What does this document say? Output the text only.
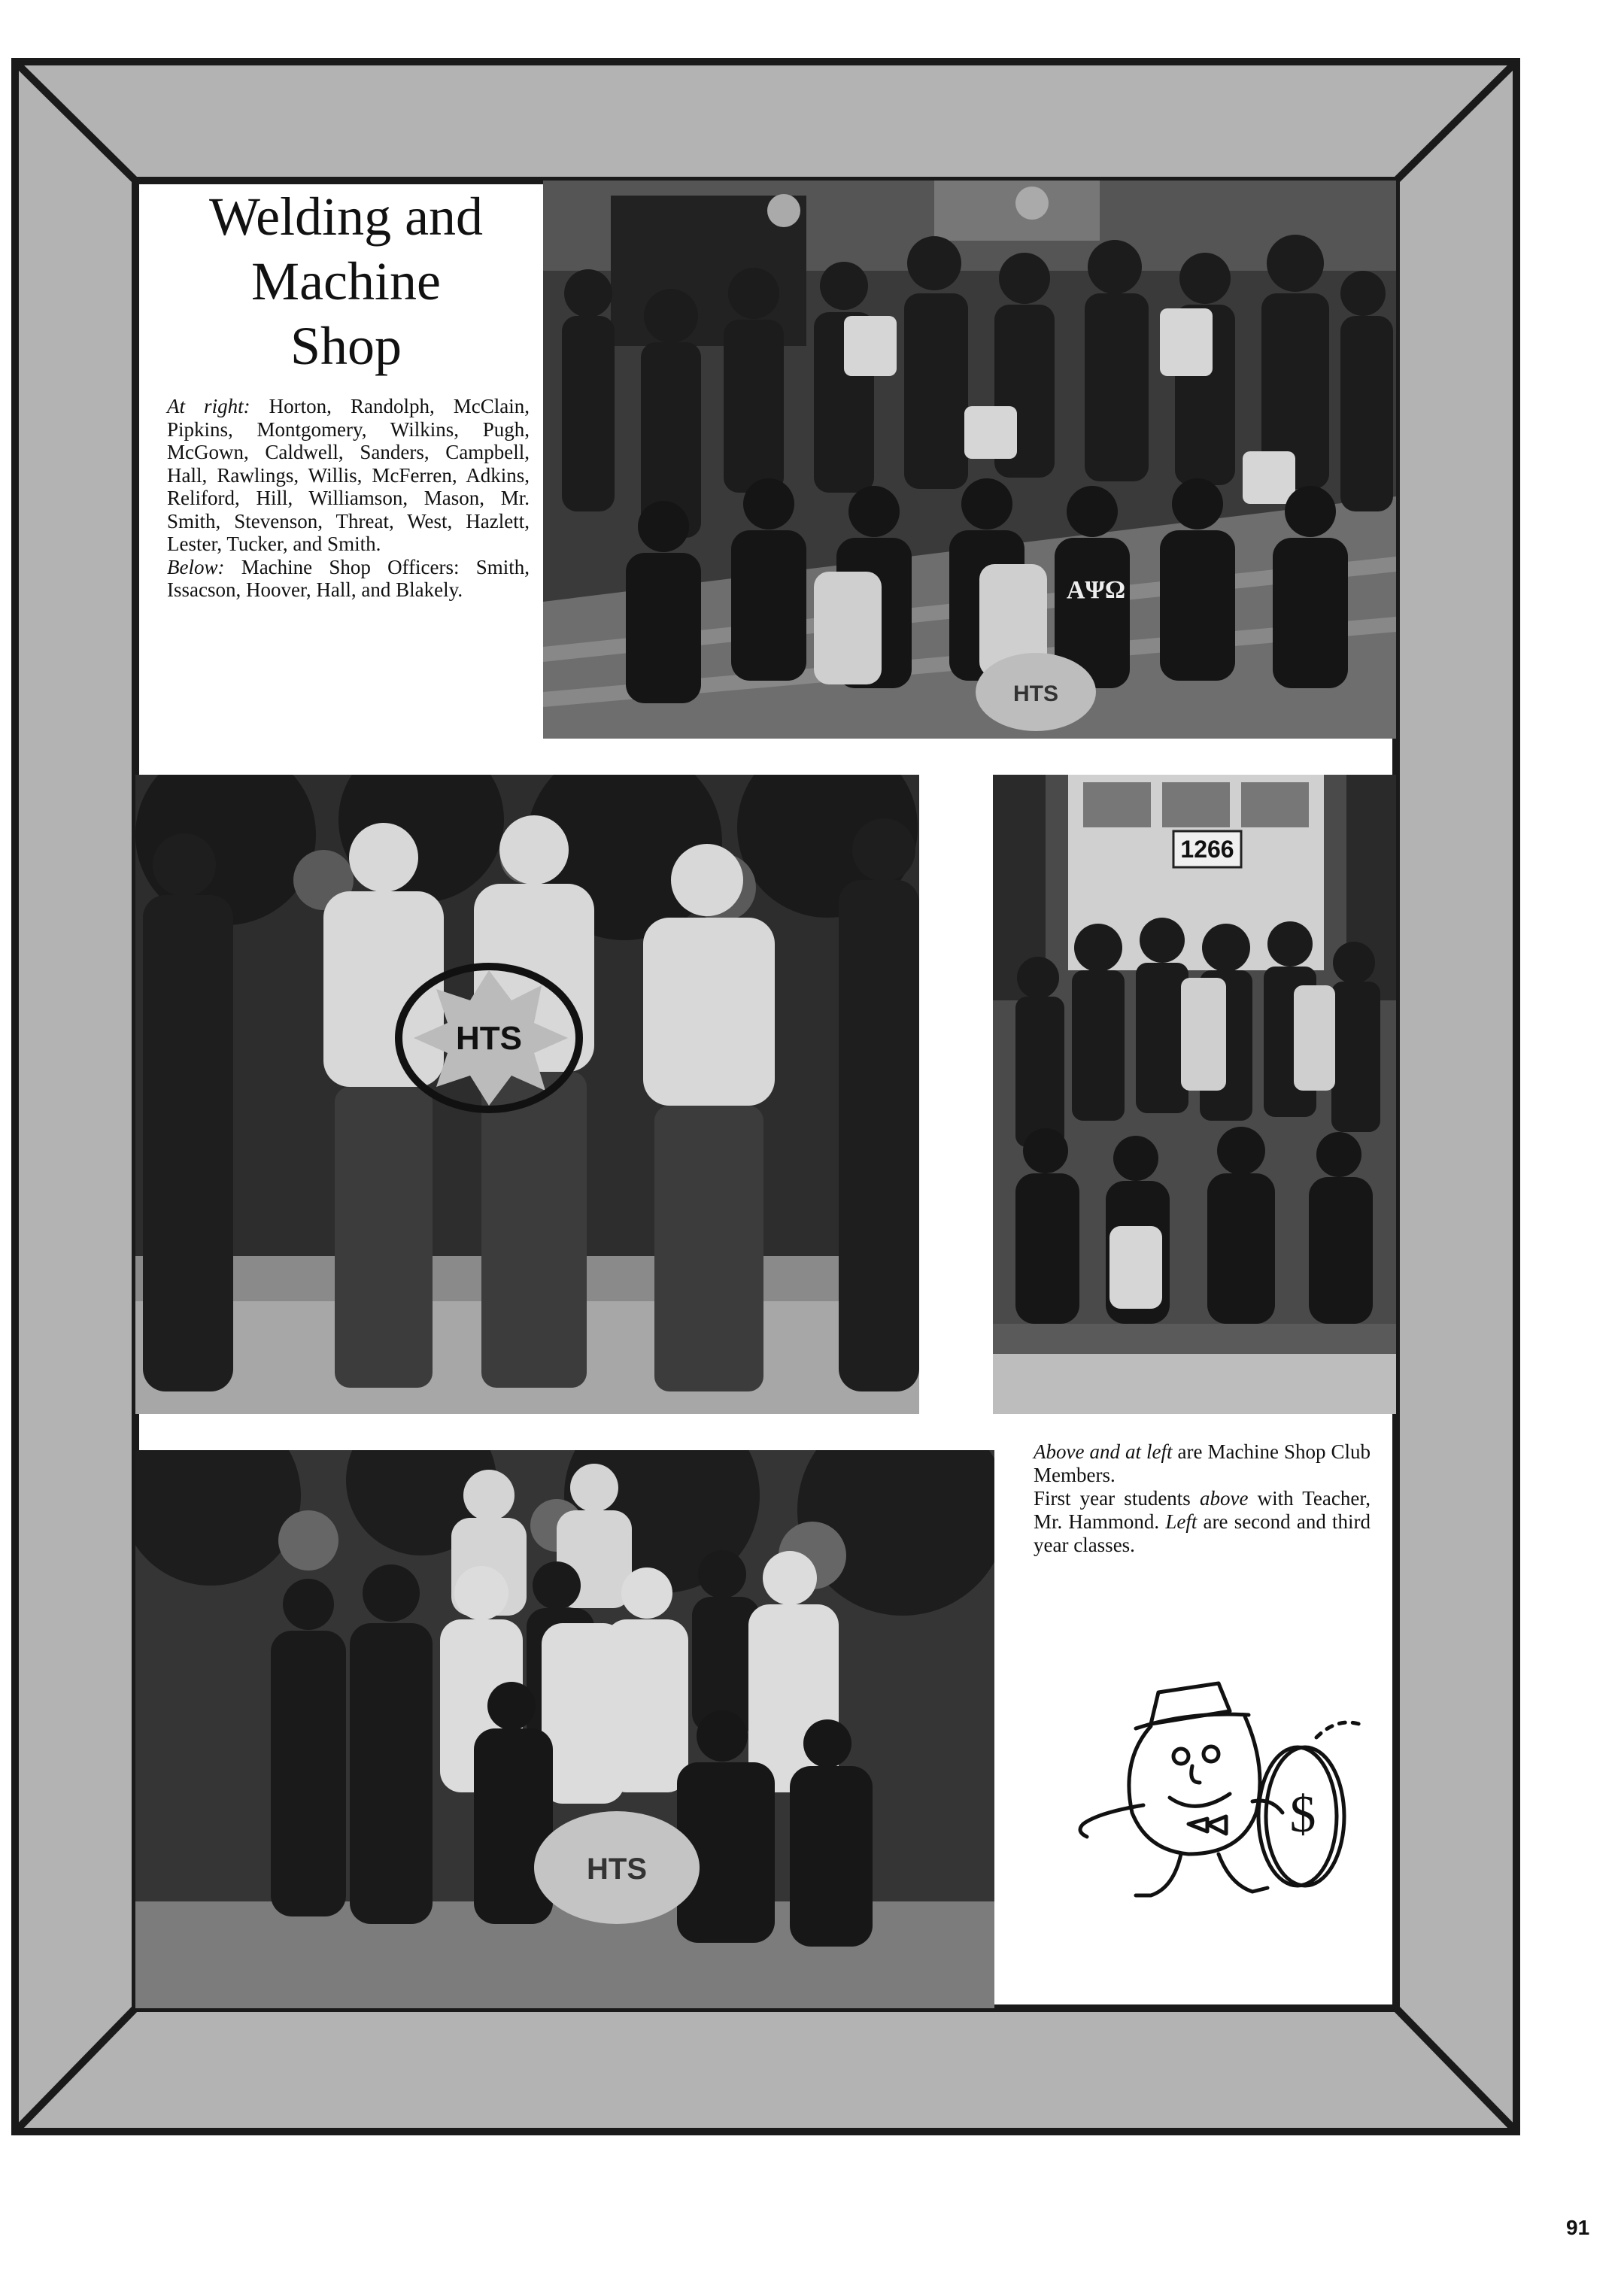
Welding and
Machine
Shop

At right: Horton, Randolph, McClain, Pipkins, Montgomery, Wilkins, Pugh, McGown, Caldwell, Sanders, Campbell, Hall, Rawlings, Willis, McFerren, Adkins, Reliford, Hill, Williamson, Mason, Mr. Smith, Stevenson, Threat, West, Hazlett, Lester, Tucker, and Smith.

Below: Machine Shop Officers: Smith, Issacson, Hoover, Hall, and Blakely.	ΑΨΩ
HTS
HTS
1266
HTS

Above and at left are Machine Shop Club Members.

First year students above with Teacher, Mr. Hammond. Left are second and third year classes.

$
91
